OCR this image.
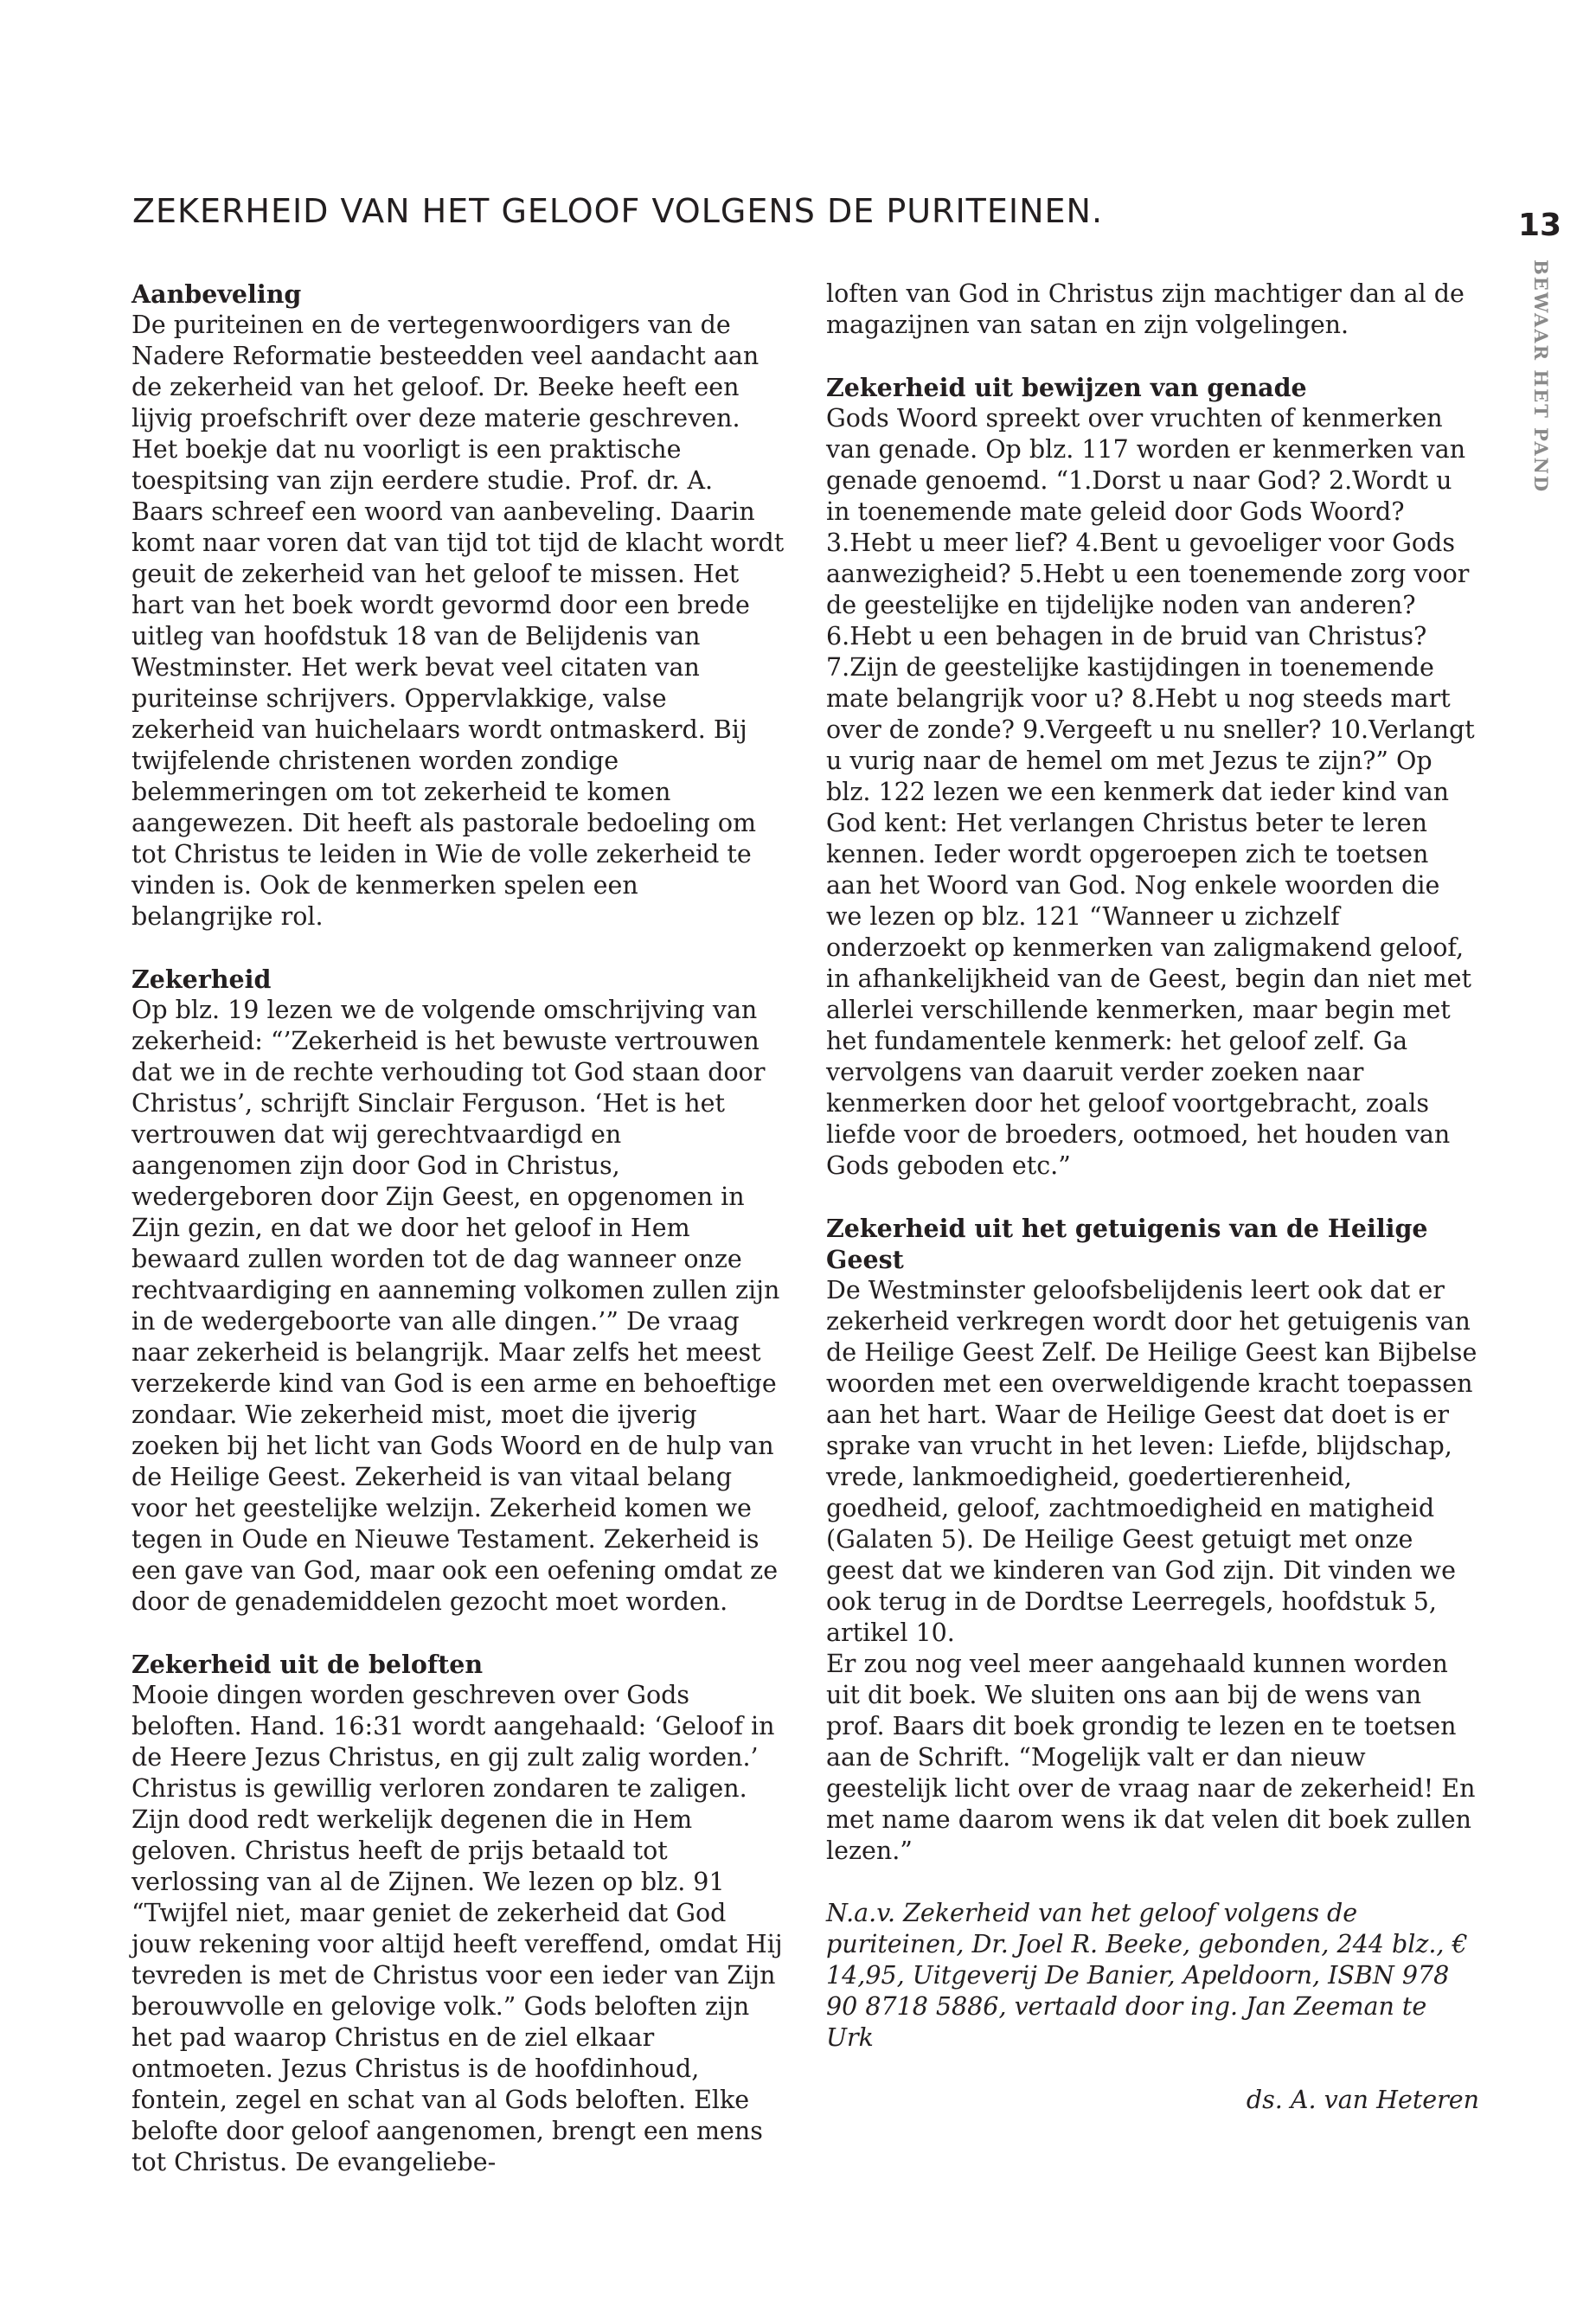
ZEKERHEID VAN HET GELOOF VOLGENS DE PURITEINEN.	13
BEWAAR HET PAND
Aanbeveling

De puriteinen en de vertegenwoordigers van de Nadere Reformatie besteedden veel aandacht aan de zekerheid van het geloof. Dr. Beeke heeft een lijvig proefschrift over deze materie geschreven. Het boekje dat nu voorligt is een praktische toespitsing van zijn eerdere studie. Prof. dr. A. Baars schreef een woord van aanbeveling. Daarin komt naar voren dat van tijd tot tijd de klacht wordt geuit de zekerheid van het geloof te missen. Het hart van het boek wordt gevormd door een brede uitleg van hoofdstuk 18 van de Belijdenis van Westminster. Het werk bevat veel citaten van puriteinse schrijvers. Oppervlakkige, valse zekerheid van huichelaars wordt ontmaskerd. Bij twijfelende christenen worden zondige belemmeringen om tot zekerheid te komen aangewezen. Dit heeft als pastorale bedoeling om tot Christus te leiden in Wie de volle zekerheid te vinden is. Ook de kenmerken spelen een belangrijke rol.

Zekerheid

Op blz. 19 lezen we de volgende omschrijving van zekerheid: “’Zekerheid is het bewuste vertrouwen dat we in de rechte verhouding tot God staan door Christus’, schrijft Sinclair Ferguson. ‘Het is het vertrouwen dat wij gerechtvaardigd en aangenomen zijn door God in Christus, wedergeboren door Zijn Geest, en opgenomen in Zijn gezin, en dat we door het geloof in Hem bewaard zullen worden tot de dag wanneer onze rechtvaardiging en aanneming volkomen zullen zijn in de wedergeboorte van alle dingen.’” De vraag naar zekerheid is belangrijk. Maar zelfs het meest verzekerde kind van God is een arme en behoeftige zondaar. Wie zekerheid mist, moet die ijverig zoeken bij het licht van Gods Woord en de hulp van de Heilige Geest. Zekerheid is van vitaal belang voor het geestelijke welzijn. Zekerheid komen we tegen in Oude en Nieuwe Testament. Zekerheid is een gave van God, maar ook een oefening omdat ze door de genademiddelen gezocht moet worden.

Zekerheid uit de beloften

Mooie dingen worden geschreven over Gods beloften. Hand. 16:31 wordt aangehaald: ‘Geloof in de Heere Jezus Christus, en gij zult zalig worden.’ Christus is gewillig verloren zondaren te zaligen. Zijn dood redt werkelijk degenen die in Hem geloven. Christus heeft de prijs betaald tot verlossing van al de Zijnen. We lezen op blz. 91 “Twijfel niet, maar geniet de zekerheid dat God jouw rekening voor altijd heeft vereffend, omdat Hij tevreden is met de Christus voor een ieder van Zijn berouwvolle en gelovige volk.” Gods beloften zijn het pad waarop Christus en de ziel elkaar ontmoeten. Jezus Christus is de hoofdinhoud, fontein, zegel en schat van al Gods beloften. Elke belofte door geloof aangenomen, brengt een mens tot Christus. De evangeliebe-

loften van God in Christus zijn machtiger dan al de magazijnen van satan en zijn volgelingen.

Zekerheid uit bewijzen van genade

Gods Woord spreekt over vruchten of kenmerken van genade. Op blz. 117 worden er kenmerken van genade genoemd. “1.Dorst u naar God? 2.Wordt u in toenemende mate geleid door Gods Woord? 3.Hebt u meer lief? 4.Bent u gevoeliger voor Gods aanwezigheid? 5.Hebt u een toenemende zorg voor de geestelijke en tijdelijke noden van anderen? 6.Hebt u een behagen in de bruid van Christus? 7.Zijn de geestelijke kastijdingen in toenemende mate belangrijk voor u? 8.Hebt u nog steeds mart over de zonde? 9.Vergeeft u nu sneller? 10.Verlangt u vurig naar de hemel om met Jezus te zijn?” Op blz. 122 lezen we een kenmerk dat ieder kind van God kent: Het verlangen Christus beter te leren kennen. Ieder wordt opgeroepen zich te toetsen aan het Woord van God. Nog enkele woorden die we lezen op blz. 121 “Wanneer u zichzelf onderzoekt op kenmerken van zaligmakend geloof, in afhankelijkheid van de Geest, begin dan niet met allerlei verschillende kenmerken, maar begin met het fundamentele kenmerk: het geloof zelf. Ga vervolgens van daaruit verder zoeken naar kenmerken door het geloof voortgebracht, zoals liefde voor de broeders, ootmoed, het houden van Gods geboden etc.”

Zekerheid uit het getuigenis van de Heilige Geest

De Westminster geloofsbelijdenis leert ook dat er zekerheid verkregen wordt door het getuigenis van de Heilige Geest Zelf. De Heilige Geest kan Bijbelse woorden met een overweldigende kracht toepassen aan het hart. Waar de Heilige Geest dat doet is er sprake van vrucht in het leven: Liefde, blijdschap, vrede, lankmoedigheid, goedertierenheid, goedheid, geloof, zachtmoedigheid en matigheid (Galaten 5). De Heilige Geest getuigt met onze geest dat we kinderen van God zijn. Dit vinden we ook terug in de Dordtse Leerregels, hoofdstuk 5, artikel 10.

Er zou nog veel meer aangehaald kunnen worden uit dit boek. We sluiten ons aan bij de wens van prof. Baars dit boek grondig te lezen en te toetsen aan de Schrift. “Mogelijk valt er dan nieuw geestelijk licht over de vraag naar de zekerheid! En met name daarom wens ik dat velen dit boek zullen lezen.”

N.a.v. Zekerheid van het geloof volgens de puriteinen, Dr. Joel R. Beeke, gebonden, 244 blz., € 14,95, Uitgeverij De Banier, Apeldoorn, ISBN 978 90 8718 5886, vertaald door ing. Jan Zeeman te Urk

ds. A. van Heteren
